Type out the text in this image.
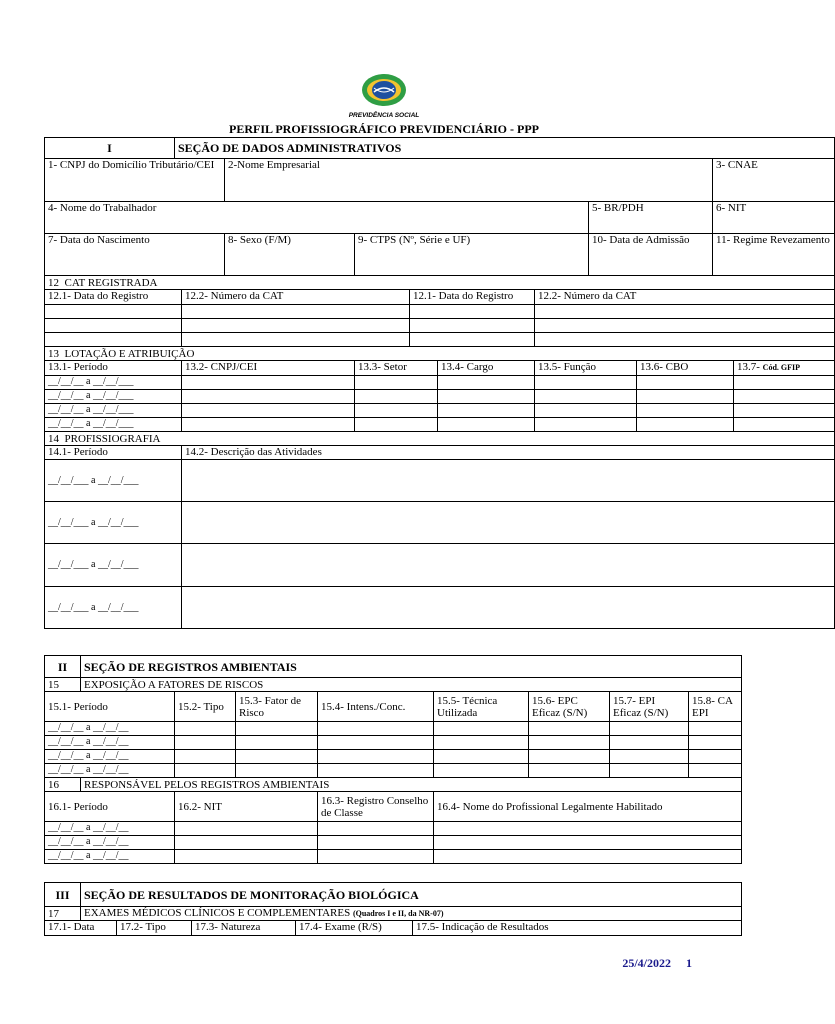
PREVIDÊNCIA SOCIAL
PERFIL PROFISSIOGRÁFICO PREVIDENCIÁRIO - PPP
I	SEÇÃO DE DADOS ADMINISTRATIVOS										
1- CNPJ do Domicílio Tributário/CEI			2-Nome Empresarial							3- CNAE	
4- Nome do Trabalhador								5- BR/PDH		6- NIT	
7- Data do Nascimento			8- Sexo (F/M)	9- CTPS (Nº, Série e UF)				10- Data de Admissão		11- Regime Revezamento	
12 CAT REGISTRADA											
12.1- Data do Registro		12.2- Número da CAT			12.1- Data do Registro		12.2- Número da CAT				

13 LOTAÇÃO E ATRIBUIÇÃO											
13.1- Período		13.2- CNPJ/CEI		13.3- Setor		13.4- Cargo	13.5- Função		13.6- CBO		13.7- Cód. GFIP
__/__/__ a __/__/___											
__/__/__ a __/__/___											
__/__/__ a __/__/___											
__/__/__ a __/__/___											
14 PROFISSIOGRAFIA											
14.1- Período		14.2- Descrição das Atividades									
__/__/___ a __/__/___											
__/__/___ a __/__/___											
__/__/___ a __/__/___											
__/__/___ a __/__/___											
II	SEÇÃO DE REGISTROS AMBIENTAIS							
15	EXPOSIÇÃO A FATORES DE RISCOS							
15.1- Período		15.2- Tipo	15.3- Fator de Risco	15.4- Intens./Conc.	15.5- Técnica Utilizada	15.6- EPC Eficaz (S/N)	15.7- EPI Eficaz (S/N)	15.8- CA EPI
__/__/__ a __/__/__								
__/__/__ a __/__/__								
__/__/__ a __/__/__								
__/__/__ a __/__/__								
16	RESPONSÁVEL PELOS REGISTROS AMBIENTAIS							
16.1- Período		16.2- NIT		16.3- Registro Conselho de Classe	16.4- Nome do Profissional Legalmente Habilitado			
__/__/__ a __/__/__								
__/__/__ a __/__/__								
__/__/__ a __/__/__								
III	SEÇÃO DE RESULTADOS DE MONITORAÇÃO BIOLÓGICA				
17	EXAMES MÉDICOS CLÍNICOS E COMPLEMENTARES (Quadros I e II, da NR-07)				
17.1- Data		17.2- Tipo	17.3- Natureza	17.4- Exame (R/S)	17.5- Indicação de Resultados
25/4/2022 1
